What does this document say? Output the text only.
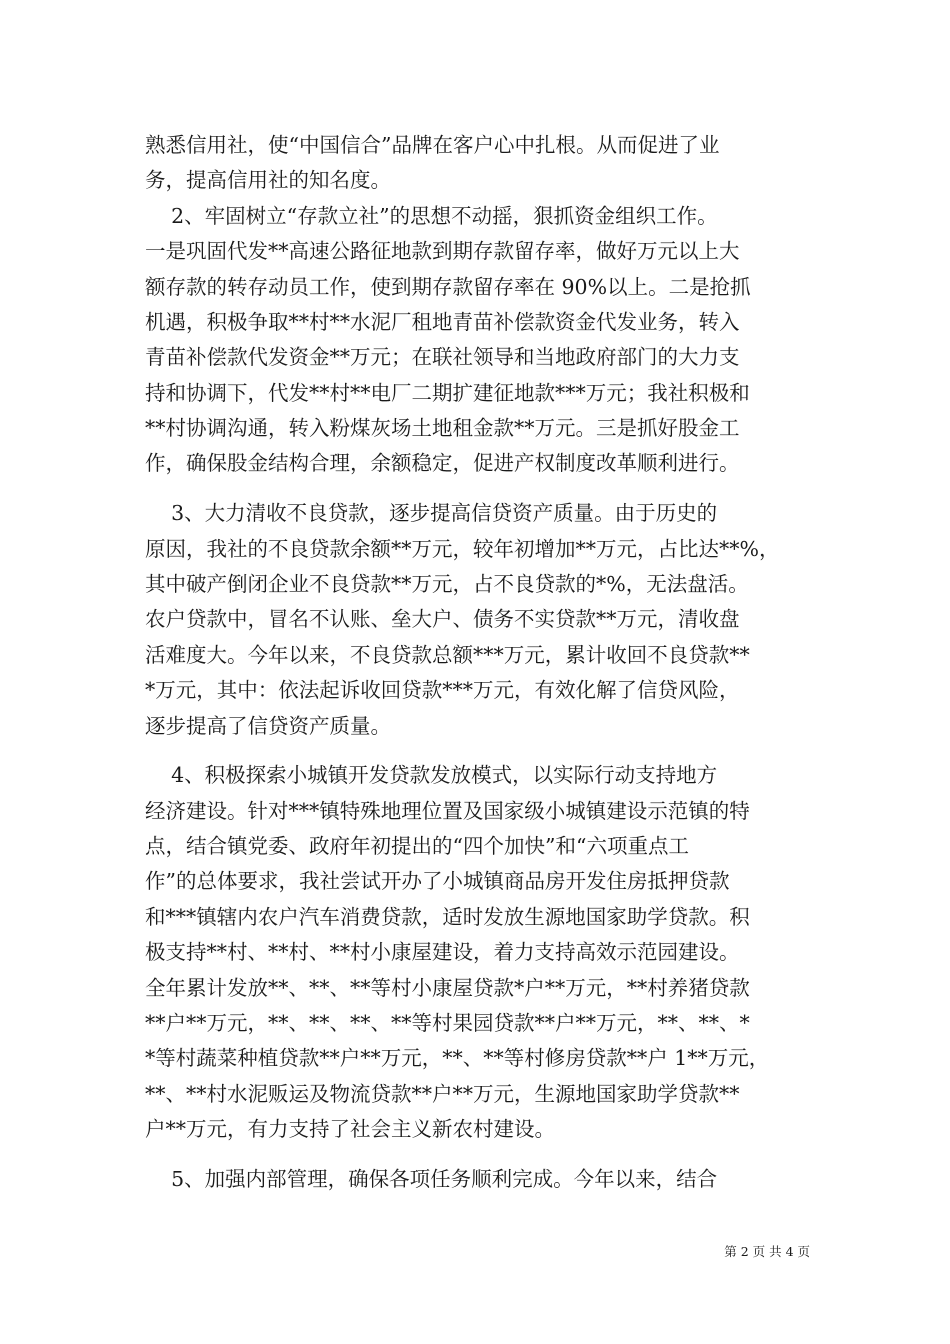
熟悉信用社，使“中国信合”品牌在客户心中扎根。从而促进了业
务，提高信用社的知名度。
2、牢固树立“存款立社”的思想不动摇，狠抓资金组织工作。
一是巩固代发**高速公路征地款到期存款留存率，做好万元以上大
额存款的转存动员工作，使到期存款留存率在 90%以上。二是抢抓
机遇，积极争取**村**水泥厂租地青苗补偿款资金代发业务，转入
青苗补偿款代发资金**万元；在联社领导和当地政府部门的大力支
持和协调下，代发**村**电厂二期扩建征地款***万元；我社积极和
**村协调沟通，转入粉煤灰场土地租金款**万元。三是抓好股金工
作，确保股金结构合理，余额稳定，促进产权制度改革顺利进行。
3、大力清收不良贷款，逐步提高信贷资产质量。由于历史的
原因，我社的不良贷款余额**万元，较年初增加**万元，占比达**%，
其中破产倒闭企业不良贷款**万元，占不良贷款的*%，无法盘活。
农户贷款中，冒名不认账、垒大户、债务不实贷款**万元，清收盘
活难度大。今年以来，不良贷款总额***万元，累计收回不良贷款**
*万元，其中：依法起诉收回贷款***万元，有效化解了信贷风险，
逐步提高了信贷资产质量。
4、积极探索小城镇开发贷款发放模式，以实际行动支持地方
经济建设。针对***镇特殊地理位置及国家级小城镇建设示范镇的特
点，结合镇党委、政府年初提出的“四个加快”和“六项重点工
作”的总体要求，我社尝试开办了小城镇商品房开发住房抵押贷款
和***镇辖内农户汽车消费贷款，适时发放生源地国家助学贷款。积
极支持**村、**村、**村小康屋建设，着力支持高效示范园建设。
全年累计发放**、**、**等村小康屋贷款*户**万元，**村养猪贷款
**户**万元，**、**、**、**等村果园贷款**户**万元，**、**、*
*等村蔬菜种植贷款**户**万元，**、**等村修房贷款**户 1**万元，
**、**村水泥贩运及物流贷款**户**万元，生源地国家助学贷款**
户**万元，有力支持了社会主义新农村建设。
5、加强内部管理，确保各项任务顺利完成。今年以来，结合
第 2 页 共 4 页
